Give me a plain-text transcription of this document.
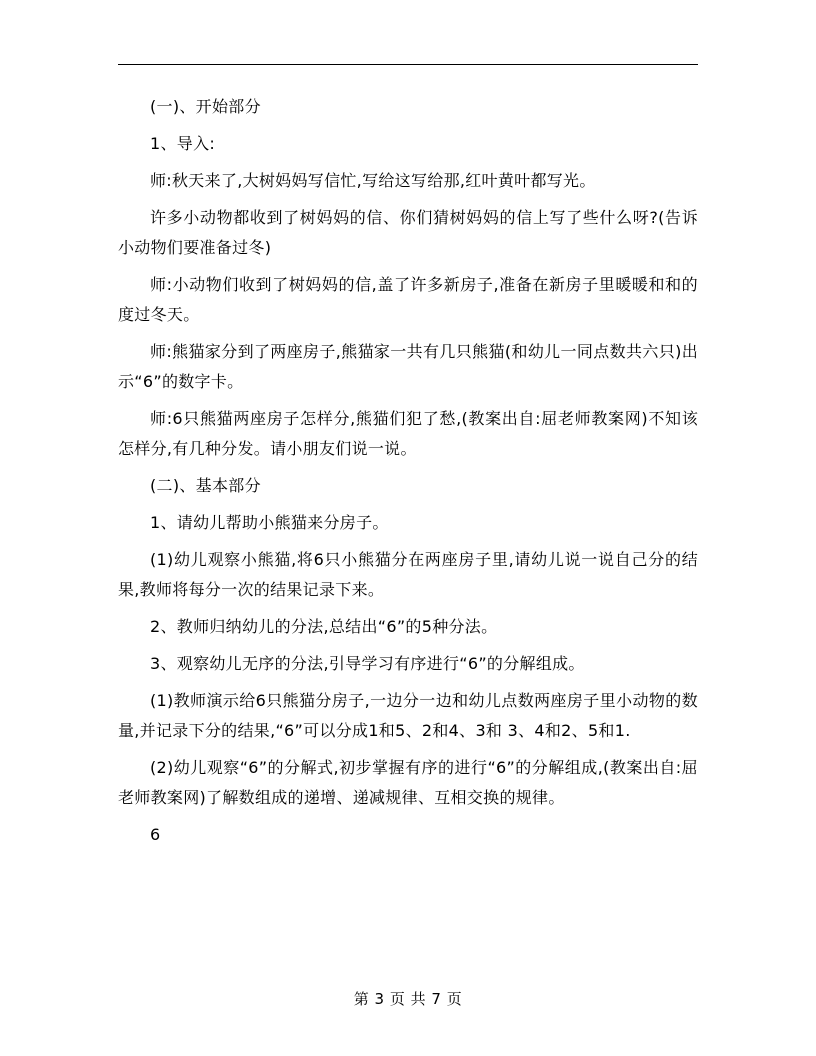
(一)、开始部分

1、导入:

师:秋天来了,大树妈妈写信忙,写给这写给那,红叶黄叶都写光。

许多小动物都收到了树妈妈的信、你们猜树妈妈的信上写了些什么呀?(告诉小动物们要准备过冬)

师:小动物们收到了树妈妈的信,盖了许多新房子,准备在新房子里暖暖和和的度过冬天。

师:熊猫家分到了两座房子,熊猫家一共有几只熊猫(和幼儿一同点数共六只)出示“6”的数字卡。

师:6只熊猫两座房子怎样分,熊猫们犯了愁,(教案出自:屈老师教案网)不知该怎样分,有几种分发。请小朋友们说一说。

(二)、基本部分

1、请幼儿帮助小熊猫来分房子。

(1)幼儿观察小熊猫,将6只小熊猫分在两座房子里,请幼儿说一说自己分的结果,教师将每分一次的结果记录下来。

2、教师归纳幼儿的分法,总结出“6”的5种分法。

3、观察幼儿无序的分法,引导学习有序进行“6”的分解组成。

(1)教师演示给6只熊猫分房子,一边分一边和幼儿点数两座房子里小动物的数量,并记录下分的结果,“6”可以分成1和5、2和4、3和 3、4和2、5和1.

(2)幼儿观察“6”的分解式,初步掌握有序的进行“6”的分解组成,(教案出自:屈老师教案网)了解数组成的递增、递减规律、互相交换的规律。

6

第 3 页 共 7 页
